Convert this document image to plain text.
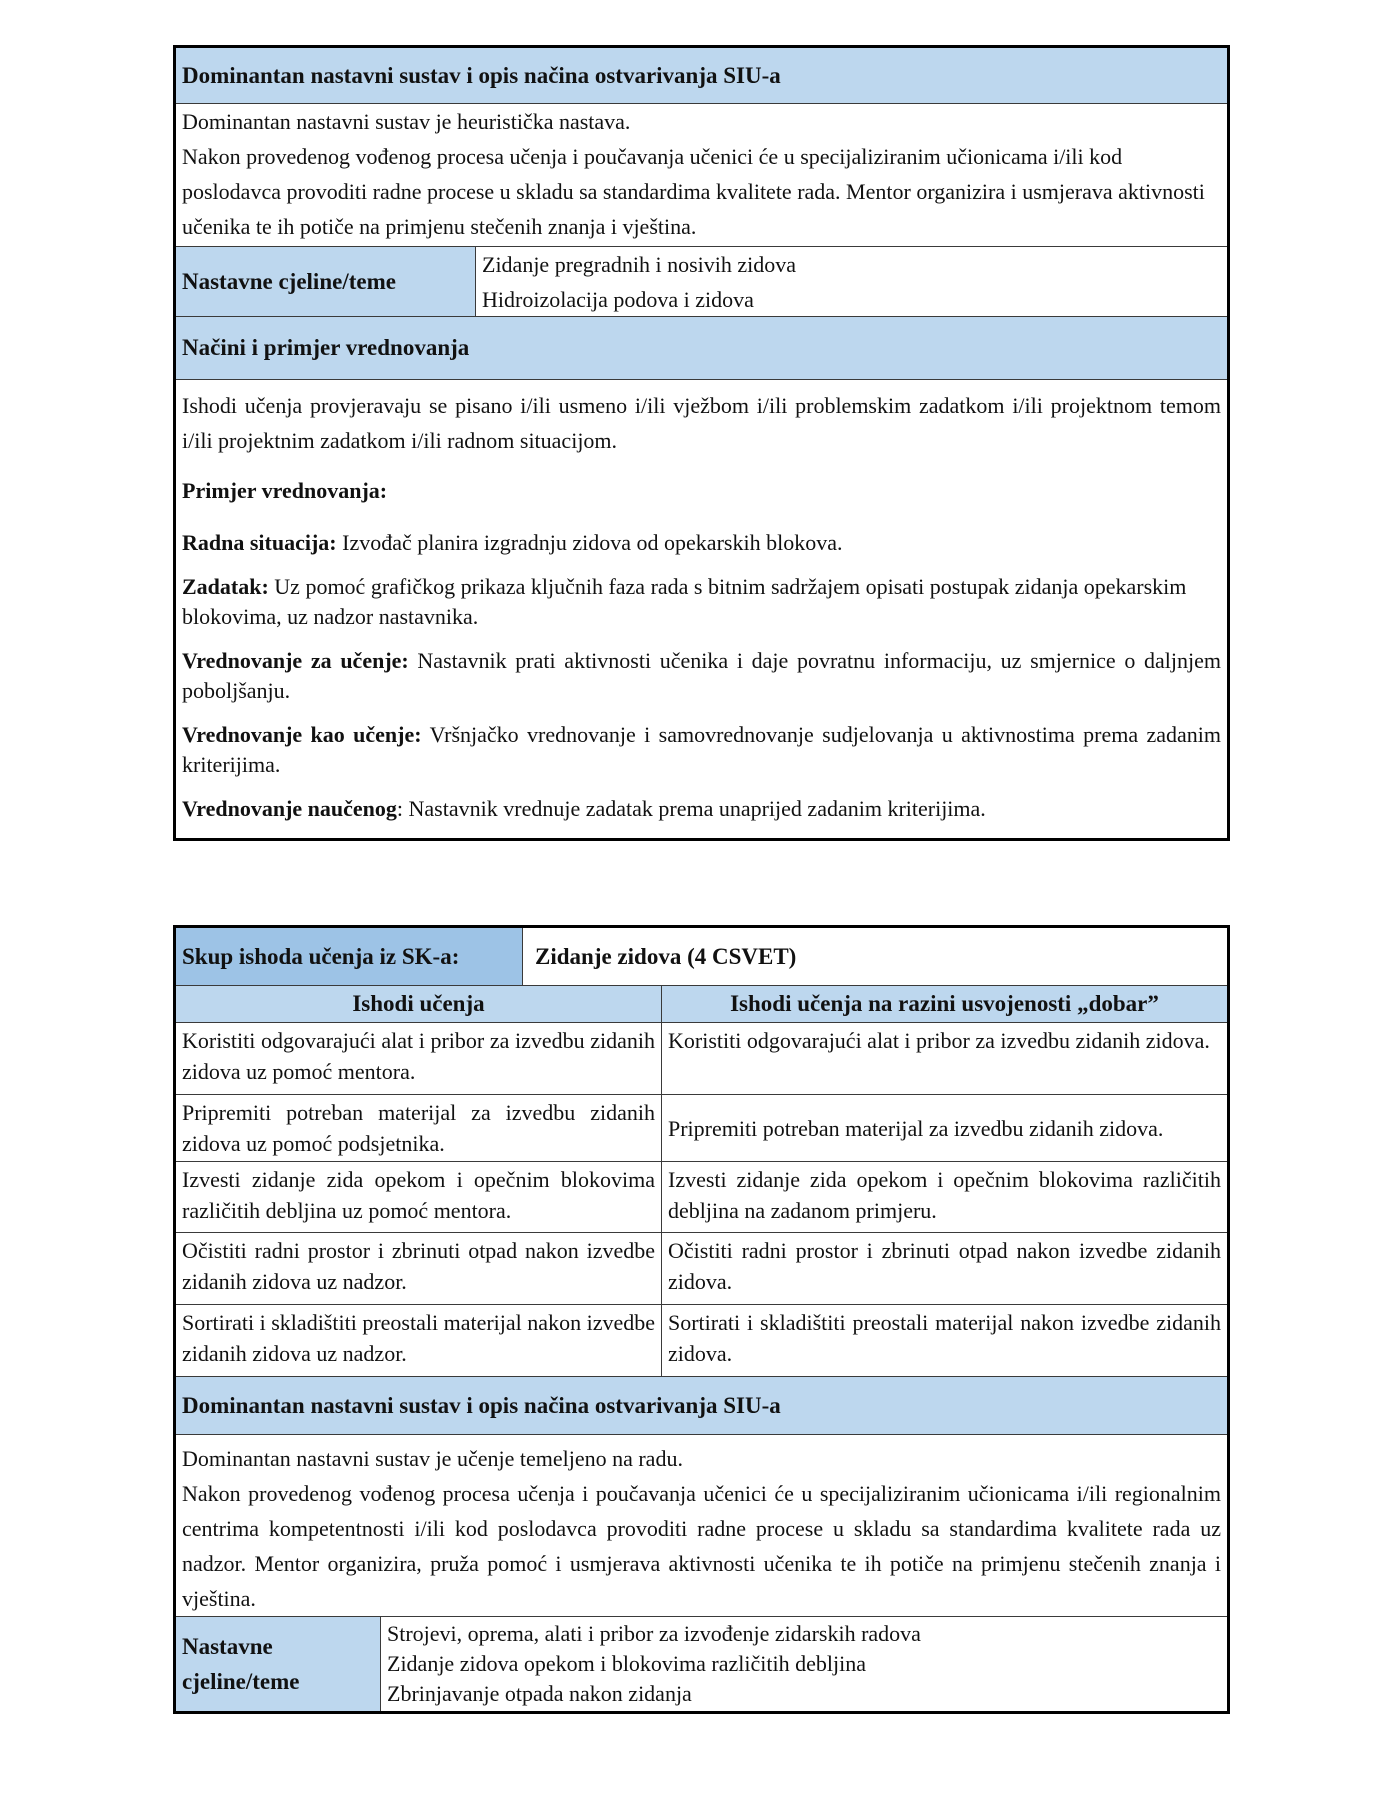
Dominantan nastavni sustav i opis načina ostvarivanja SIU-a

Dominantan nastavni sustav je heuristička nastava.

Nakon provedenog vođenog procesa učenja i poučavanja učenici će u specijaliziranim učionicama i/ili kod poslodavca provoditi radne procese u skladu sa standardima kvalitete rada. Mentor organizira i usmjerava aktivnosti učenika te ih potiče na primjenu stečenih znanja i vještina.

Nastavne cjeline/teme
Zidanje pregradnih i nosivih zidova
Hidroizolacija podova i zidova
Načini i primjer vrednovanja

Ishodi učenja provjeravaju se pisano i/ili usmeno i/ili vježbom i/ili problemskim zadatkom i/ili projektnom temom i/ili projektnim zadatkom i/ili radnom situacijom.

Primjer vrednovanja:

Radna situacija: Izvođač planira izgradnju zidova od opekarskih blokova.

Zadatak: Uz pomoć grafičkog prikaza ključnih faza rada s bitnim sadržajem opisati postupak zidanja opekarskim blokovima, uz nadzor nastavnika.

Vrednovanje za učenje: Nastavnik prati aktivnosti učenika i daje povratnu informaciju, uz smjernice o daljnjem poboljšanju.

Vrednovanje kao učenje: Vršnjačko vrednovanje i samovrednovanje sudjelovanja u aktivnostima prema zadanim kriterijima.

Vrednovanje naučenog: Nastavnik vrednuje zadatak prema unaprijed zadanim kriterijima.

Skup ishoda učenja iz SK-a:	Zidanje zidova (4 CSVET)
Ishodi učenja	Ishodi učenja na razini usvojenosti „dobar”
Koristiti odgovarajući alat i pribor za izvedbu zidanih zidova uz pomoć mentora.
Koristiti odgovarajući alat i pribor za izvedbu zidanih zidova.
Pripremiti potreban materijal za izvedbu zidanih zidova uz pomoć podsjetnika.
Pripremiti potreban materijal za izvedbu zidanih zidova.
Izvesti zidanje zida opekom i opečnim blokovima različitih debljina uz pomoć mentora.
Izvesti zidanje zida opekom i opečnim blokovima različitih debljina na zadanom primjeru.
Očistiti radni prostor i zbrinuti otpad nakon izvedbe zidanih zidova uz nadzor.
Očistiti radni prostor i zbrinuti otpad nakon izvedbe zidanih zidova.
Sortirati i skladištiti preostali materijal nakon izvedbe zidanih zidova uz nadzor.
Sortirati i skladištiti preostali materijal nakon izvedbe zidanih zidova.
Dominantan nastavni sustav i opis načina ostvarivanja SIU-a

Dominantan nastavni sustav je učenje temeljeno na radu.

Nakon provedenog vođenog procesa učenja i poučavanja učenici će u specijaliziranim učionicama i/ili regionalnim centrima kompetentnosti i/ili kod poslodavca provoditi radne procese u skladu sa standardima kvalitete rada uz nadzor. Mentor organizira, pruža pomoć i usmjerava aktivnosti učenika te ih potiče na primjenu stečenih znanja i vještina.

Nastavne cjeline/teme
Strojevi, oprema, alati i pribor za izvođenje zidarskih radova
Zidanje zidova opekom i blokovima različitih debljina
Zbrinjavanje otpada nakon zidanja
